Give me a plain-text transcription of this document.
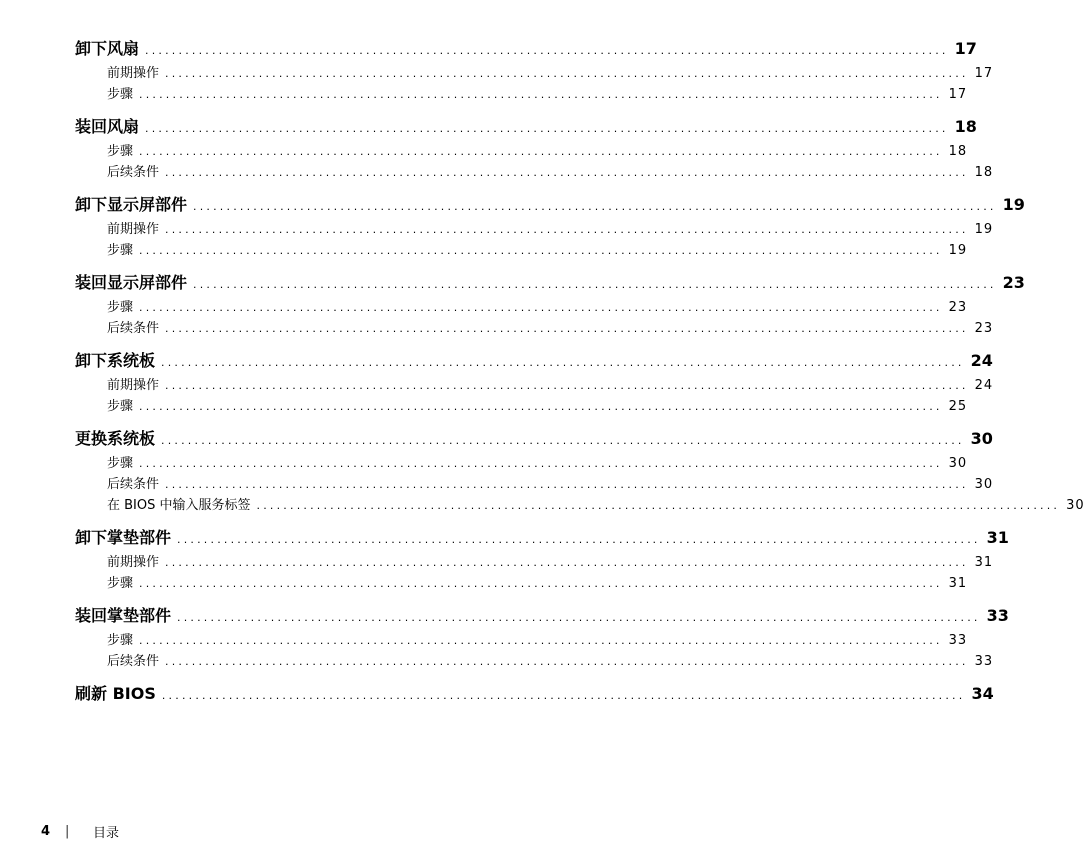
卸下风扇 ........................................................................................................................ 17
前期操作 ........................................................................................................................ 17
步骤 ........................................................................................................................ 17
装回风扇 ........................................................................................................................ 18
步骤 ........................................................................................................................ 18
后续条件 ........................................................................................................................ 18
卸下显示屏部件 ........................................................................................................................ 19
前期操作 ........................................................................................................................ 19
步骤 ........................................................................................................................ 19
装回显示屏部件 ........................................................................................................................ 23
步骤 ........................................................................................................................ 23
后续条件 ........................................................................................................................ 23
卸下系统板 ........................................................................................................................ 24
前期操作 ........................................................................................................................ 24
步骤 ........................................................................................................................ 25
更换系统板 ........................................................................................................................ 30
步骤 ........................................................................................................................ 30
后续条件 ........................................................................................................................ 30
在 BIOS 中输入服务标签 ........................................................................................................................ 30
卸下掌垫部件 ........................................................................................................................ 31
前期操作 ........................................................................................................................ 31
步骤 ........................................................................................................................ 31
装回掌垫部件 ........................................................................................................................ 33
步骤 ........................................................................................................................ 33
后续条件 ........................................................................................................................ 33
刷新 BIOS ........................................................................................................................ 34
4	|	目录
